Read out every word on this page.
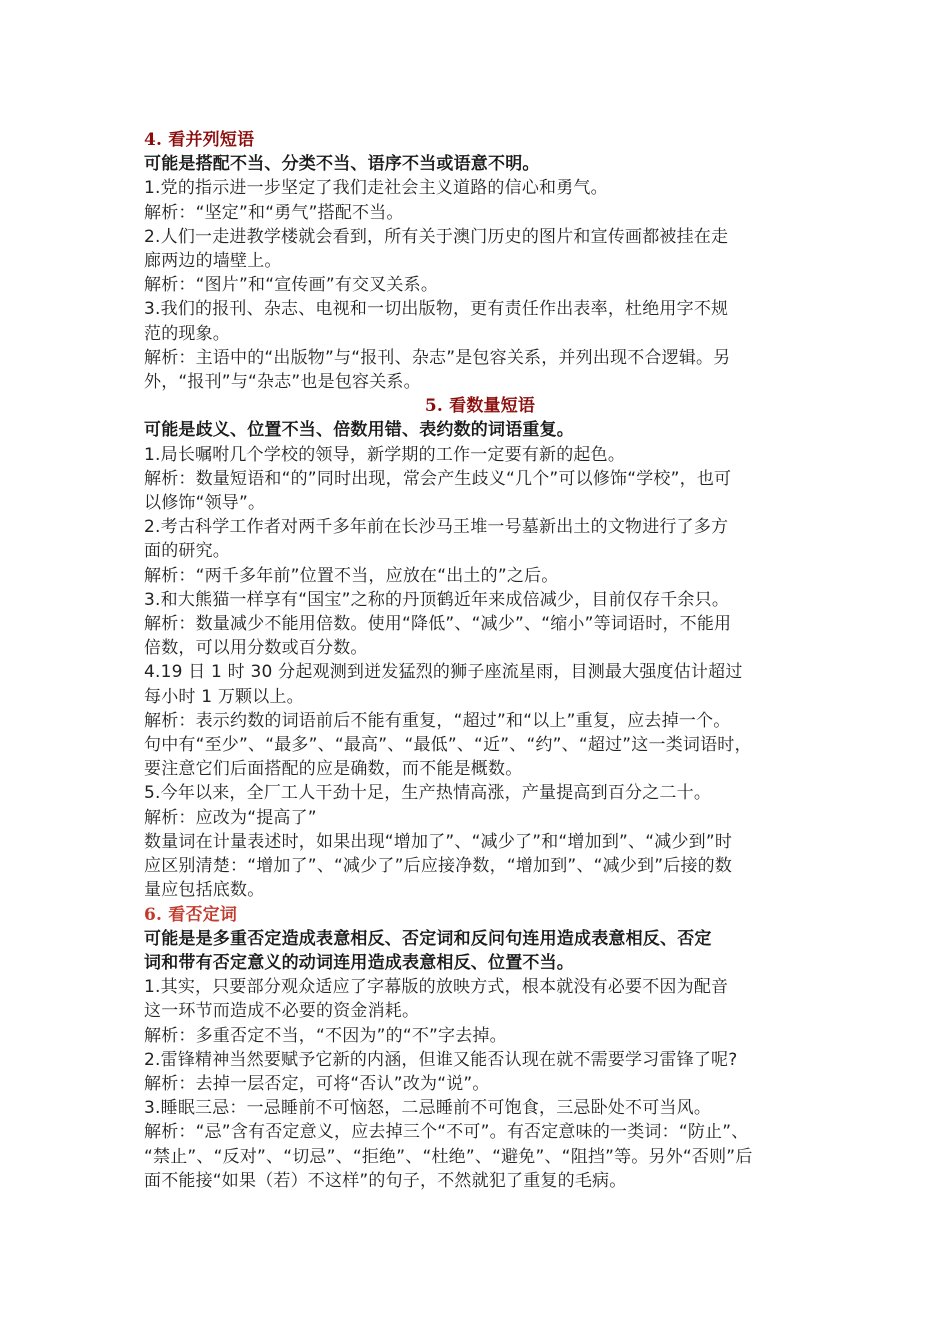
4. 看并列短语

可能是搭配不当、分类不当、语序不当或语意不明。

1.党的指示进一步坚定了我们走社会主义道路的信心和勇气。

解析：“坚定”和“勇气”搭配不当。

2.人们一走进教学楼就会看到，所有关于澳门历史的图片和宣传画都被挂在走

廊两边的墙壁上。

解析：“图片”和“宣传画”有交叉关系。

3.我们的报刊、杂志、电视和一切出版物，更有责任作出表率，杜绝用字不规

范的现象。

解析：主语中的“出版物”与“报刊、杂志”是包容关系，并列出现不合逻辑。另

外，“报刊”与“杂志”也是包容关系。

5. 看数量短语

可能是歧义、位置不当、倍数用错、表约数的词语重复。

1.局长嘱咐几个学校的领导，新学期的工作一定要有新的起色。

解析：数量短语和“的”同时出现，常会产生歧义“几个”可以修饰“学校”，也可

以修饰“领导”。

2.考古科学工作者对两千多年前在长沙马王堆一号墓新出土的文物进行了多方

面的研究。

解析：“两千多年前”位置不当，应放在“出土的”之后。

3.和大熊猫一样享有“国宝”之称的丹顶鹤近年来成倍减少，目前仅存千余只。

解析：数量减少不能用倍数。使用“降低”、“减少”、“缩小”等词语时，不能用

倍数，可以用分数或百分数。

4.19 日 1 时 30 分起观测到迸发猛烈的狮子座流星雨，目测最大强度估计超过

每小时 1 万颗以上。

解析：表示约数的词语前后不能有重复，“超过”和“以上”重复，应去掉一个。

句中有“至少”、“最多”、“最高”、“最低”、“近”、“约”、“超过”这一类词语时，

要注意它们后面搭配的应是确数，而不能是概数。

5.今年以来，全厂工人干劲十足，生产热情高涨，产量提高到百分之二十。

解析：应改为“提高了”

数量词在计量表述时，如果出现“增加了”、“减少了”和“增加到”、“减少到”时

应区别清楚：“增加了”、“减少了”后应接净数，“增加到”、“减少到”后接的数

量应包括底数。

6. 看否定词

可能是是多重否定造成表意相反、否定词和反问句连用造成表意相反、否定

词和带有否定意义的动词连用造成表意相反、位置不当。

1.其实，只要部分观众适应了字幕版的放映方式，根本就没有必要不因为配音

这一环节而造成不必要的资金消耗。

解析：多重否定不当，“不因为”的“不”字去掉。

2.雷锋精神当然要赋予它新的内涵，但谁又能否认现在就不需要学习雷锋了呢?

解析：去掉一层否定，可将“否认”改为“说”。

3.睡眠三忌：一忌睡前不可恼怒，二忌睡前不可饱食，三忌卧处不可当风。

解析：“忌”含有否定意义，应去掉三个“不可”。有否定意味的一类词：“防止”、

“禁止”、“反对”、“切忌”、“拒绝”、“杜绝”、“避免”、“阻挡”等。另外“否则”后

面不能接“如果（若）不这样”的句子，不然就犯了重复的毛病。
